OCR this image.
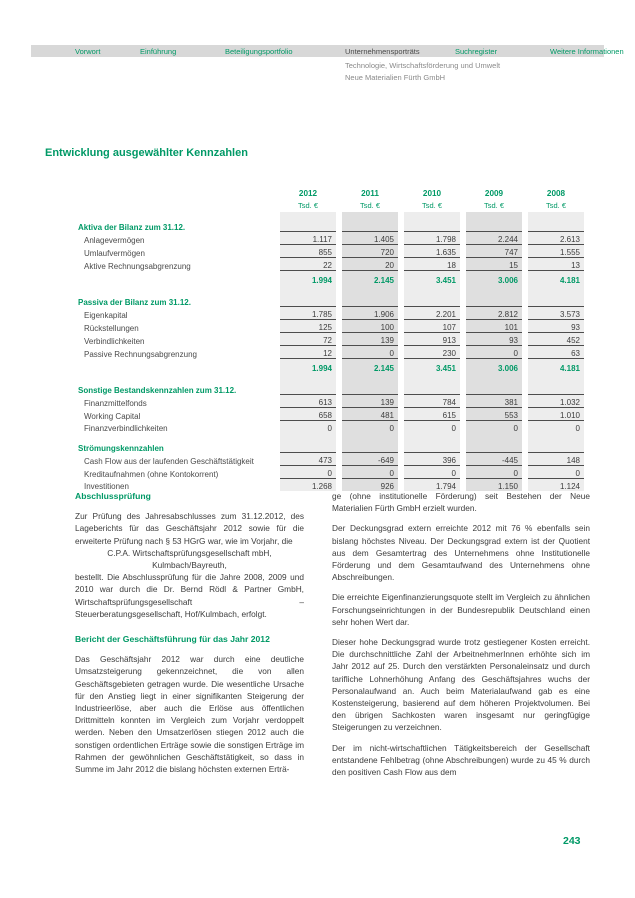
Vorwort	Einführung	Beteiligungsportfolio	Unternehmensporträts	Suchregister	Weitere Informationen
Technologie, Wirtschaftsförderung und Umwelt
Neue Materialien Fürth GmbH
Entwicklung ausgewählter Kennzahlen
	2012	2011	2010	2009	2008
	Tsd. €	Tsd. €	Tsd. €	Tsd. €	Tsd. €

Aktiva der Bilanz zum 31.12.					
Anlagevermögen	1.117	1.405	1.798	2.244	2.613
Umlaufvermögen	855	720	1.635	747	1.555
Aktive Rechnungsabgrenzung	22	20	18	15	13
	1.994	2.145	3.451	3.006	4.181

Passiva der Bilanz zum 31.12.					
Eigenkapital	1.785	1.906	2.201	2.812	3.573
Rückstellungen	125	100	107	101	93
Verbindlichkeiten	72	139	913	93	452
Passive Rechnungsabgrenzung	12	0	230	0	63
	1.994	2.145	3.451	3.006	4.181

Sonstige Bestandskennzahlen zum 31.12.					
Finanzmittelfonds	613	139	784	381	1.032
Working Capital	658	481	615	553	1.010
Finanzverbindlichkeiten	0	0	0	0	0

Strömungskennzahlen					
Cash Flow aus der laufenden Geschäftstätigkeit	473	-649	396	-445	148
Kreditaufnahmen (ohne Kontokorrent)	0	0	0	0	0
Investitionen	1.268	926	1.794	1.150	1.124
Abschlussprüfung

Zur Prüfung des Jahresabschlusses zum 31.12.2012, des Lageberichts für das Geschäftsjahr 2012 sowie für die erweiterte Prüfung nach § 53 HGrG war, wie im Vorjahr, die

C.P.A. Wirtschaftsprüfungsgesellschaft mbH,
Kulmbach/Bayreuth,

bestellt. Die Abschlussprüfung für die Jahre 2008, 2009 und 2010 war durch die Dr. Bernd Rödl & Partner GmbH, Wirtschaftsprüfungsgesellschaft – Steuerberatungsgesellschaft, Hof/Kulmbach, erfolgt.

Bericht der Geschäftsführung für das Jahr 2012

Das Geschäftsjahr 2012 war durch eine deutliche Umsatzsteigerung gekennzeichnet, die von allen Geschäftsgebieten getragen wurde. Die wesentliche Ursache für den Anstieg liegt in einer signifikanten Steigerung der Industrieerlöse, aber auch die Erlöse aus öffentlichen Drittmitteln konnten im Vergleich zum Vorjahr verdoppelt werden. Neben den Umsatzerlösen stiegen 2012 auch die sonstigen ordentlichen Erträge sowie die sonstigen Erträge im Rahmen der gewöhnlichen Geschäftstätigkeit, so dass in Summe im Jahr 2012 die bislang höchsten externen Erträ-

ge (ohne institutionelle Förderung) seit Bestehen der Neue Materialien Fürth GmbH erzielt wurden.

Der Deckungsgrad extern erreichte 2012 mit 76 % ebenfalls sein bislang höchstes Niveau. Der Deckungsgrad extern ist der Quotient aus dem Gesamtertrag des Unternehmens ohne Institutionelle Förderung und dem Gesamtaufwand des Unternehmens ohne Abschreibungen.

Die erreichte Eigenfinanzierungsquote stellt im Vergleich zu ähnlichen Forschungseinrichtungen in der Bundesrepublik Deutschland einen sehr hohen Wert dar.

Dieser hohe Deckungsgrad wurde trotz gestiegener Kosten erreicht. Die durchschnittliche Zahl der ArbeitnehmerInnen erhöhte sich im Jahr 2012 auf 25. Durch den verstärkten Personaleinsatz und durch tarifliche Lohnerhöhung Anfang des Geschäftsjahres wuchs der Personalaufwand an. Auch beim Materialaufwand gab es eine Kostensteigerung, basierend auf dem höheren Projektvolumen. Bei den übrigen Sachkosten waren insgesamt nur geringfügige Steigerungen zu verzeichnen.

Der im nicht-wirtschaftlichen Tätigkeitsbereich der Gesellschaft entstandene Fehlbetrag (ohne Abschreibungen) wurde zu 45 % durch den positiven Cash Flow aus dem

243
